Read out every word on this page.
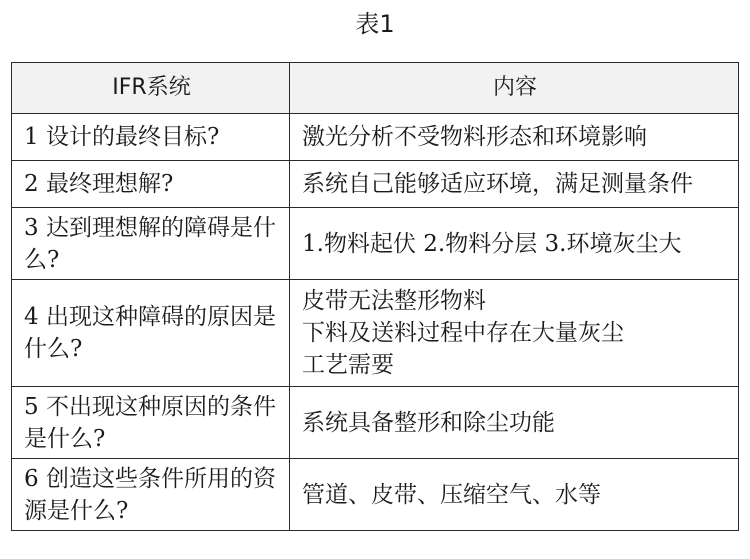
表1
IFR系统	内容
1 设计的最终目标?	激光分析不受物料形态和环境影响

2 最终理想解?	系统自己能够适应环境，满足测量条件

3 达到理想解的障碍是什么?	1.物料起伏 2.物料分层 3.环境灰尘大

4 出现这种障碍的原因是什么?	皮带无法整形物料
下料及送料过程中存在大量灰尘
工艺需要

5 不出现这种原因的条件是什么?	系统具备整形和除尘功能

6 创造这些条件所用的资源是什么?	管道、皮带、压缩空气、水等
